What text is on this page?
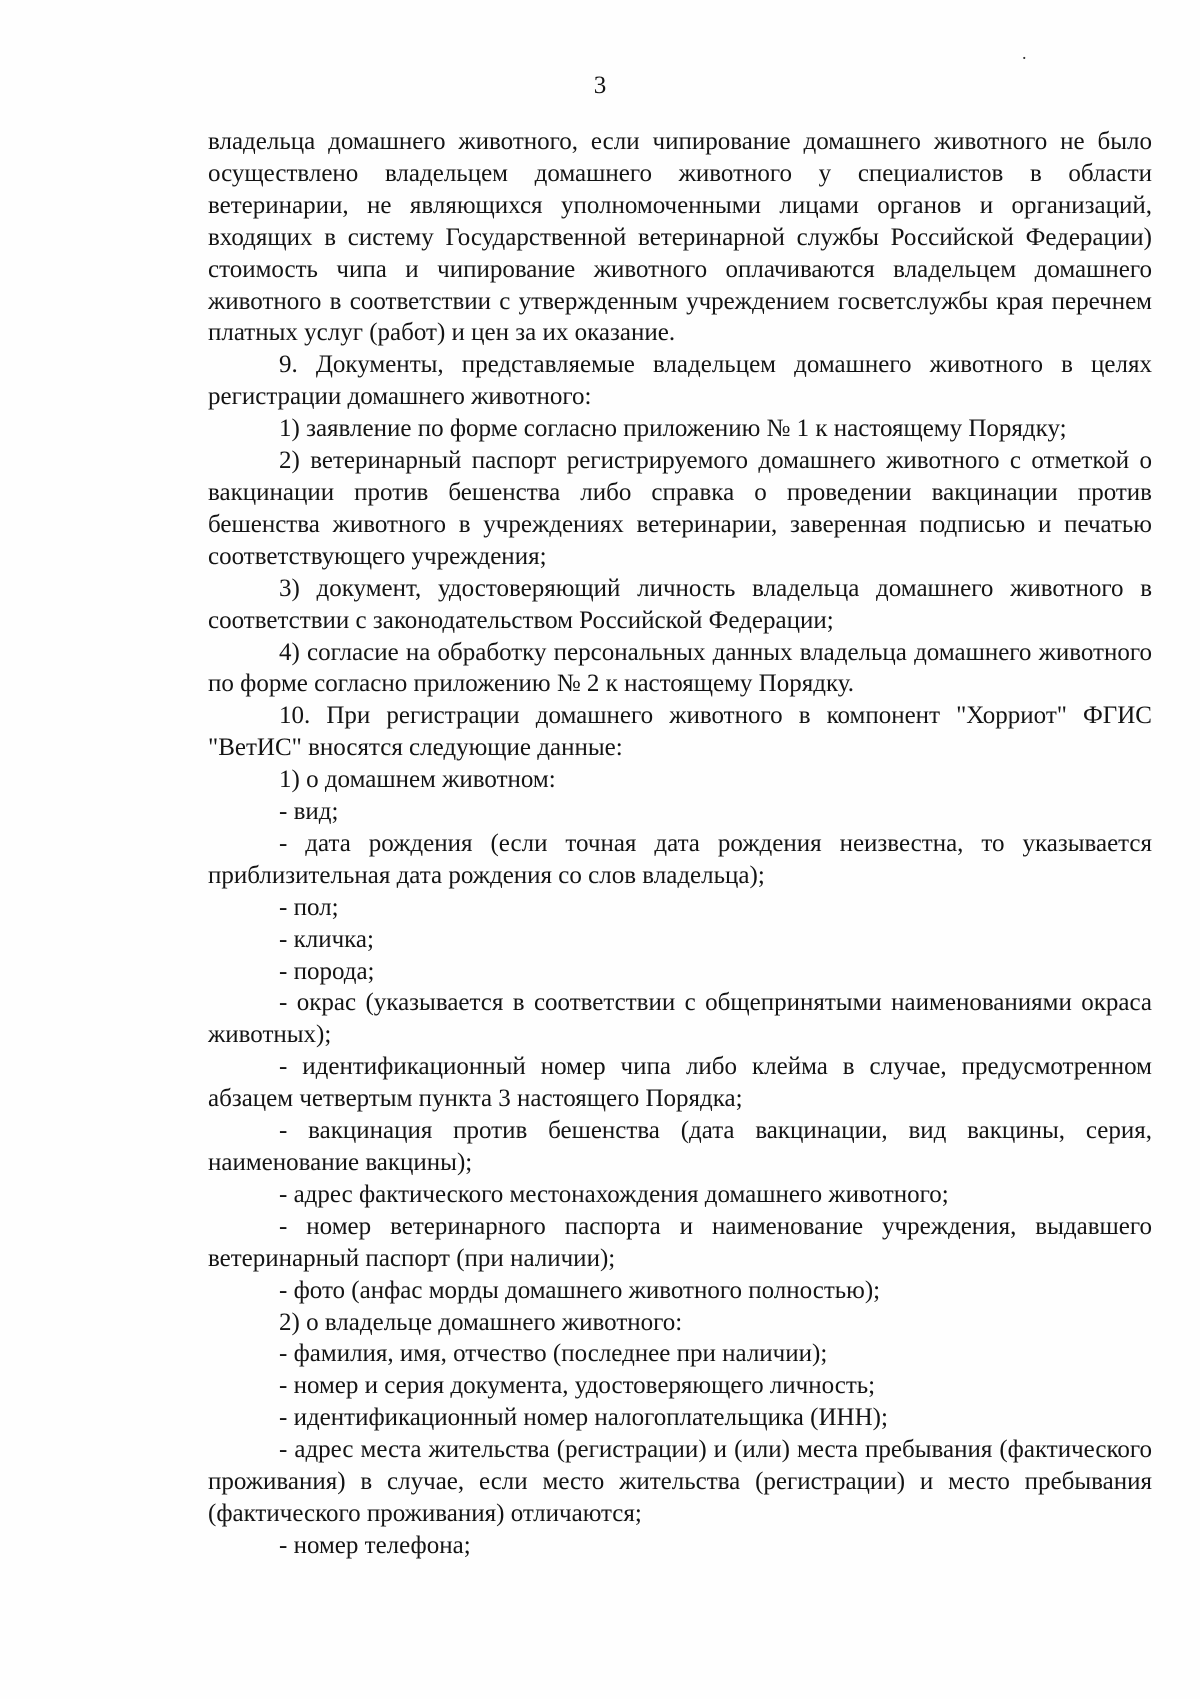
.
3

владельца домашнего животного, если чипирование домашнего животного не было осуществлено владельцем домашнего животного у специалистов в области ветеринарии, не являющихся уполномоченными лицами органов и организаций, входящих в систему Государственной ветеринарной службы Российской Федерации) стоимость чипа и чипирование животного оплачиваются владельцем домашнего животного в соответствии с утвержденным учреждением госветслужбы края перечнем платных услуг (работ) и цен за их оказание.

9. Документы, представляемые владельцем домашнего животного в целях регистрации домашнего животного:

1) заявление по форме согласно приложению № 1 к настоящему Порядку;

2) ветеринарный паспорт регистрируемого домашнего животного с отметкой о вакцинации против бешенства либо справка о проведении вакцинации против бешенства животного в учреждениях ветеринарии, заверенная подписью и печатью соответствующего учреждения;

3) документ, удостоверяющий личность владельца домашнего животного в соответствии с законодательством Российской Федерации;

4) согласие на обработку персональных данных владельца домашнего животного по форме согласно приложению № 2 к настоящему Порядку.

10. При регистрации домашнего животного в компонент "Хорриот" ФГИС "ВетИС" вносятся следующие данные:

1) о домашнем животном:

- вид;

- дата рождения (если точная дата рождения неизвестна, то указывается приблизительная дата рождения со слов владельца);

- пол;

- кличка;

- порода;

- окрас (указывается в соответствии с общепринятыми наименованиями окраса животных);

- идентификационный номер чипа либо клейма в случае, предусмотренном абзацем четвертым пункта 3 настоящего Порядка;

- вакцинация против бешенства (дата вакцинации, вид вакцины, серия, наименование вакцины);

- адрес фактического местонахождения домашнего животного;

- номер ветеринарного паспорта и наименование учреждения, выдавшего ветеринарный паспорт (при наличии);

- фото (анфас морды домашнего животного полностью);

2) о владельце домашнего животного:

- фамилия, имя, отчество (последнее при наличии);

- номер и серия документа, удостоверяющего личность;

- идентификационный номер налогоплательщика (ИНН);

- адрес места жительства (регистрации) и (или) места пребывания (фактического проживания) в случае, если место жительства (регистрации) и место пребывания (фактического проживания) отличаются;

- номер телефона;
